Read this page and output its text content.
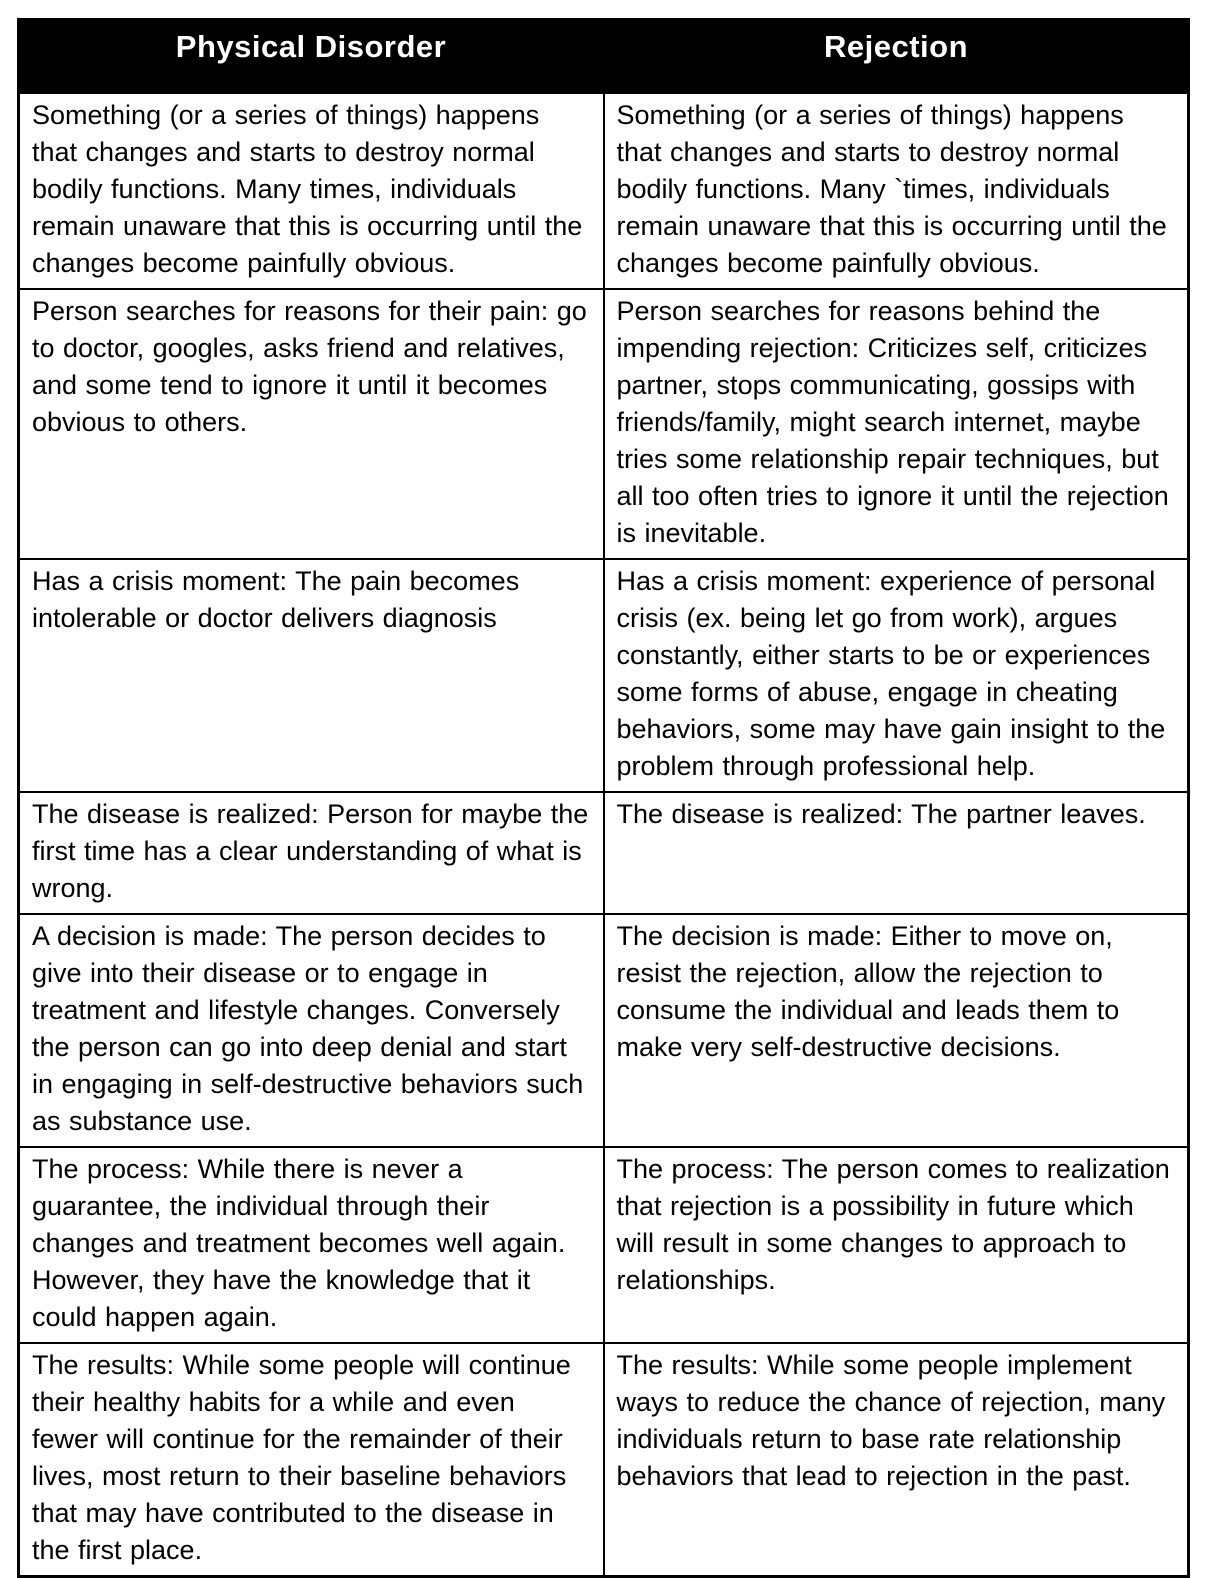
Physical Disorder	Rejection
Something (or a series of things) happens that changes and starts to destroy normal bodily functions. Many times, individuals remain unaware that this is occurring until the changes become painfully obvious.	Something (or a series of things) happens that changes and starts to destroy normal bodily functions. Many `times, individuals remain unaware that this is occurring until the changes become painfully obvious.
Person searches for reasons for their pain: go to doctor, googles, asks friend and relatives, and some tend to ignore it until it becomes obvious to others.	Person searches for reasons behind the impending rejection: Criticizes self, criticizes partner, stops communicating, gossips with friends/family, might search internet, maybe tries some relationship repair techniques, but all too often tries to ignore it until the rejection is inevitable.
Has a crisis moment: The pain becomes intolerable or doctor delivers diagnosis	Has a crisis moment: experience of personal crisis (ex. being let go from work), argues constantly, either starts to be or experiences some forms of abuse, engage in cheating behaviors, some may have gain insight to the problem through professional help.
The disease is realized: Person for maybe the first time has a clear understanding of what is wrong.	The disease is realized: The partner leaves.
A decision is made: The person decides to give into their disease or to engage in treatment and lifestyle changes. Conversely the person can go into deep denial and start in engaging in self-destructive behaviors such as substance use.	The decision is made: Either to move on, resist the rejection, allow the rejection to consume the individual and leads them to make very self-destructive decisions.
The process: While there is never a guarantee, the individual through their changes and treatment becomes well again. However, they have the knowledge that it could happen again.	The process: The person comes to realization that rejection is a possibility in future which will result in some changes to approach to relationships.
The results: While some people will continue their healthy habits for a while and even fewer will continue for the remainder of their lives, most return to their baseline behaviors that may have contributed to the disease in the first place.	The results: While some people implement ways to reduce the chance of rejection, many individuals return to base rate relationship behaviors that lead to rejection in the past.
